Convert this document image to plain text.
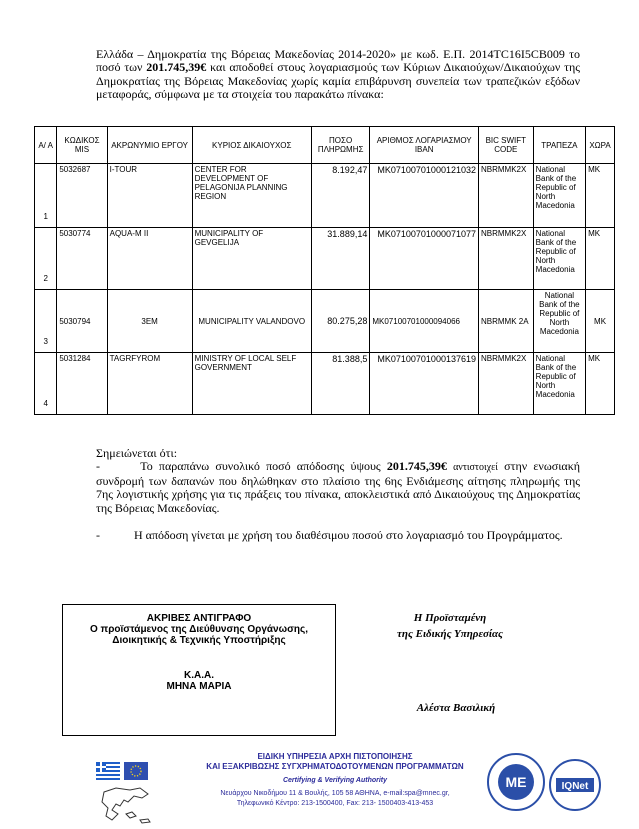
Ελλάδα – Δημοκρατία της Βόρειας Μακεδονίας 2014-2020» με κωδ. Ε.Π. 2014TC16I5CB009 το ποσό των 201.745,39€ και αποδοθεί στους λογαριασμούς των Κύριων Δικαιούχων/Δικαιούχων της Δημοκρατίας της Βόρειας Μακεδονίας χωρίς καμία επιβάρυνση συνεπεία των τραπεζικών εξόδων μεταφοράς, σύμφωνα με τα στοιχεία του παρακάτω πίνακα:
Α/ Α	ΚΩΔΙΚΟΣ MIS	ΑΚΡΩΝΥΜΙΟ ΕΡΓΟΥ	ΚΥΡΙΟΣ ΔΙΚΑΙΟΥΧΟΣ	ΠΟΣΟ ΠΛΗΡΩΜΗΣ	ΑΡΙΘΜΟΣ ΛΟΓΑΡΙΑΣΜΟΥ IBAN	BIC SWIFT CODE	ΤΡΑΠΕΖΑ	ΧΩΡΑ
1	5032687	I-TOUR	CENTER FOR DEVELOPMENT OF PELAGONIJA PLANNING REGION	8.192,47	MK07100701000121032	NBRMMK2X	National Bank of the Republic of North Macedonia	MK
2	5030774	AQUA-M II	MUNICIPALITY OF GEVGELIJA	31.889,14	MK07100701000071077	NBRMMK2X	National Bank of the Republic of North Macedonia	MK
3	5030794	3EM	MUNICIPALITY VALANDOVO	80.275,28	MK07100701000094066	NBRMMK 2A	National Bank of the Republic of North Macedonia	MK
4	5031284	TAGRFYROM	MINISTRY OF LOCAL SELF GOVERNMENT	81.388,5	MK07100701000137619	NBRMMK2X	National Bank of the Republic of North Macedonia	MK

Σημειώνεται ότι:

-	Το παραπάνω συνολικό ποσό απόδοσης ύψους 201.745,39€ αντιστοιχεί στην ενωσιακή συνδρομή των δαπανών που δηλώθηκαν στο πλαίσιο της 6ης Ενδιάμεσης αίτησης πληρωμής της 7ης λογιστικής χρήσης για τις πράξεις του πίνακα, αποκλειστικά από Δικαιούχους της Δημοκρατίας της Βόρειας Μακεδονίας.

-	Η απόδοση γίνεται με χρήση του διαθέσιμου ποσού στο λογαριασμό του Προγράμματος.

ΑΚΡΙΒΕΣ ΑΝΤΙΓΡΑΦΟ
Ο προϊστάμενος της Διεύθυνσης Οργάνωσης,
Διοικητικής & Τεχνικής Υποστήριξης
Κ.Α.Α.
ΜΗΝΑ ΜΑΡΙΑ
Η Προϊσταμένη
της Ειδικής Υπηρεσίας
Αλέστα Βασιλική
ΕΙΔΙΚΗ ΥΠΗΡΕΣΙΑ ΑΡΧΗ ΠΙΣΤΟΠΟΙΗΣΗΣ
ΚΑΙ ΕΞΑΚΡΙΒΩΣΗΣ ΣΥΓΧΡΗΜΑΤΟΔΟΤΟΥΜΕΝΩΝ ΠΡΟΓΡΑΜΜΑΤΩΝ
Certifying & Verifying Authority
Νευάρχου Νικοδήμου 11 & Βουλής, 105 58 ΑΘΗΝΑ, e-mail:spa@mnec.gr,
Τηλεφωνικό Κέντρο: 213-1500400, Fax: 213- 1500403-413-453
ME	IQNet
